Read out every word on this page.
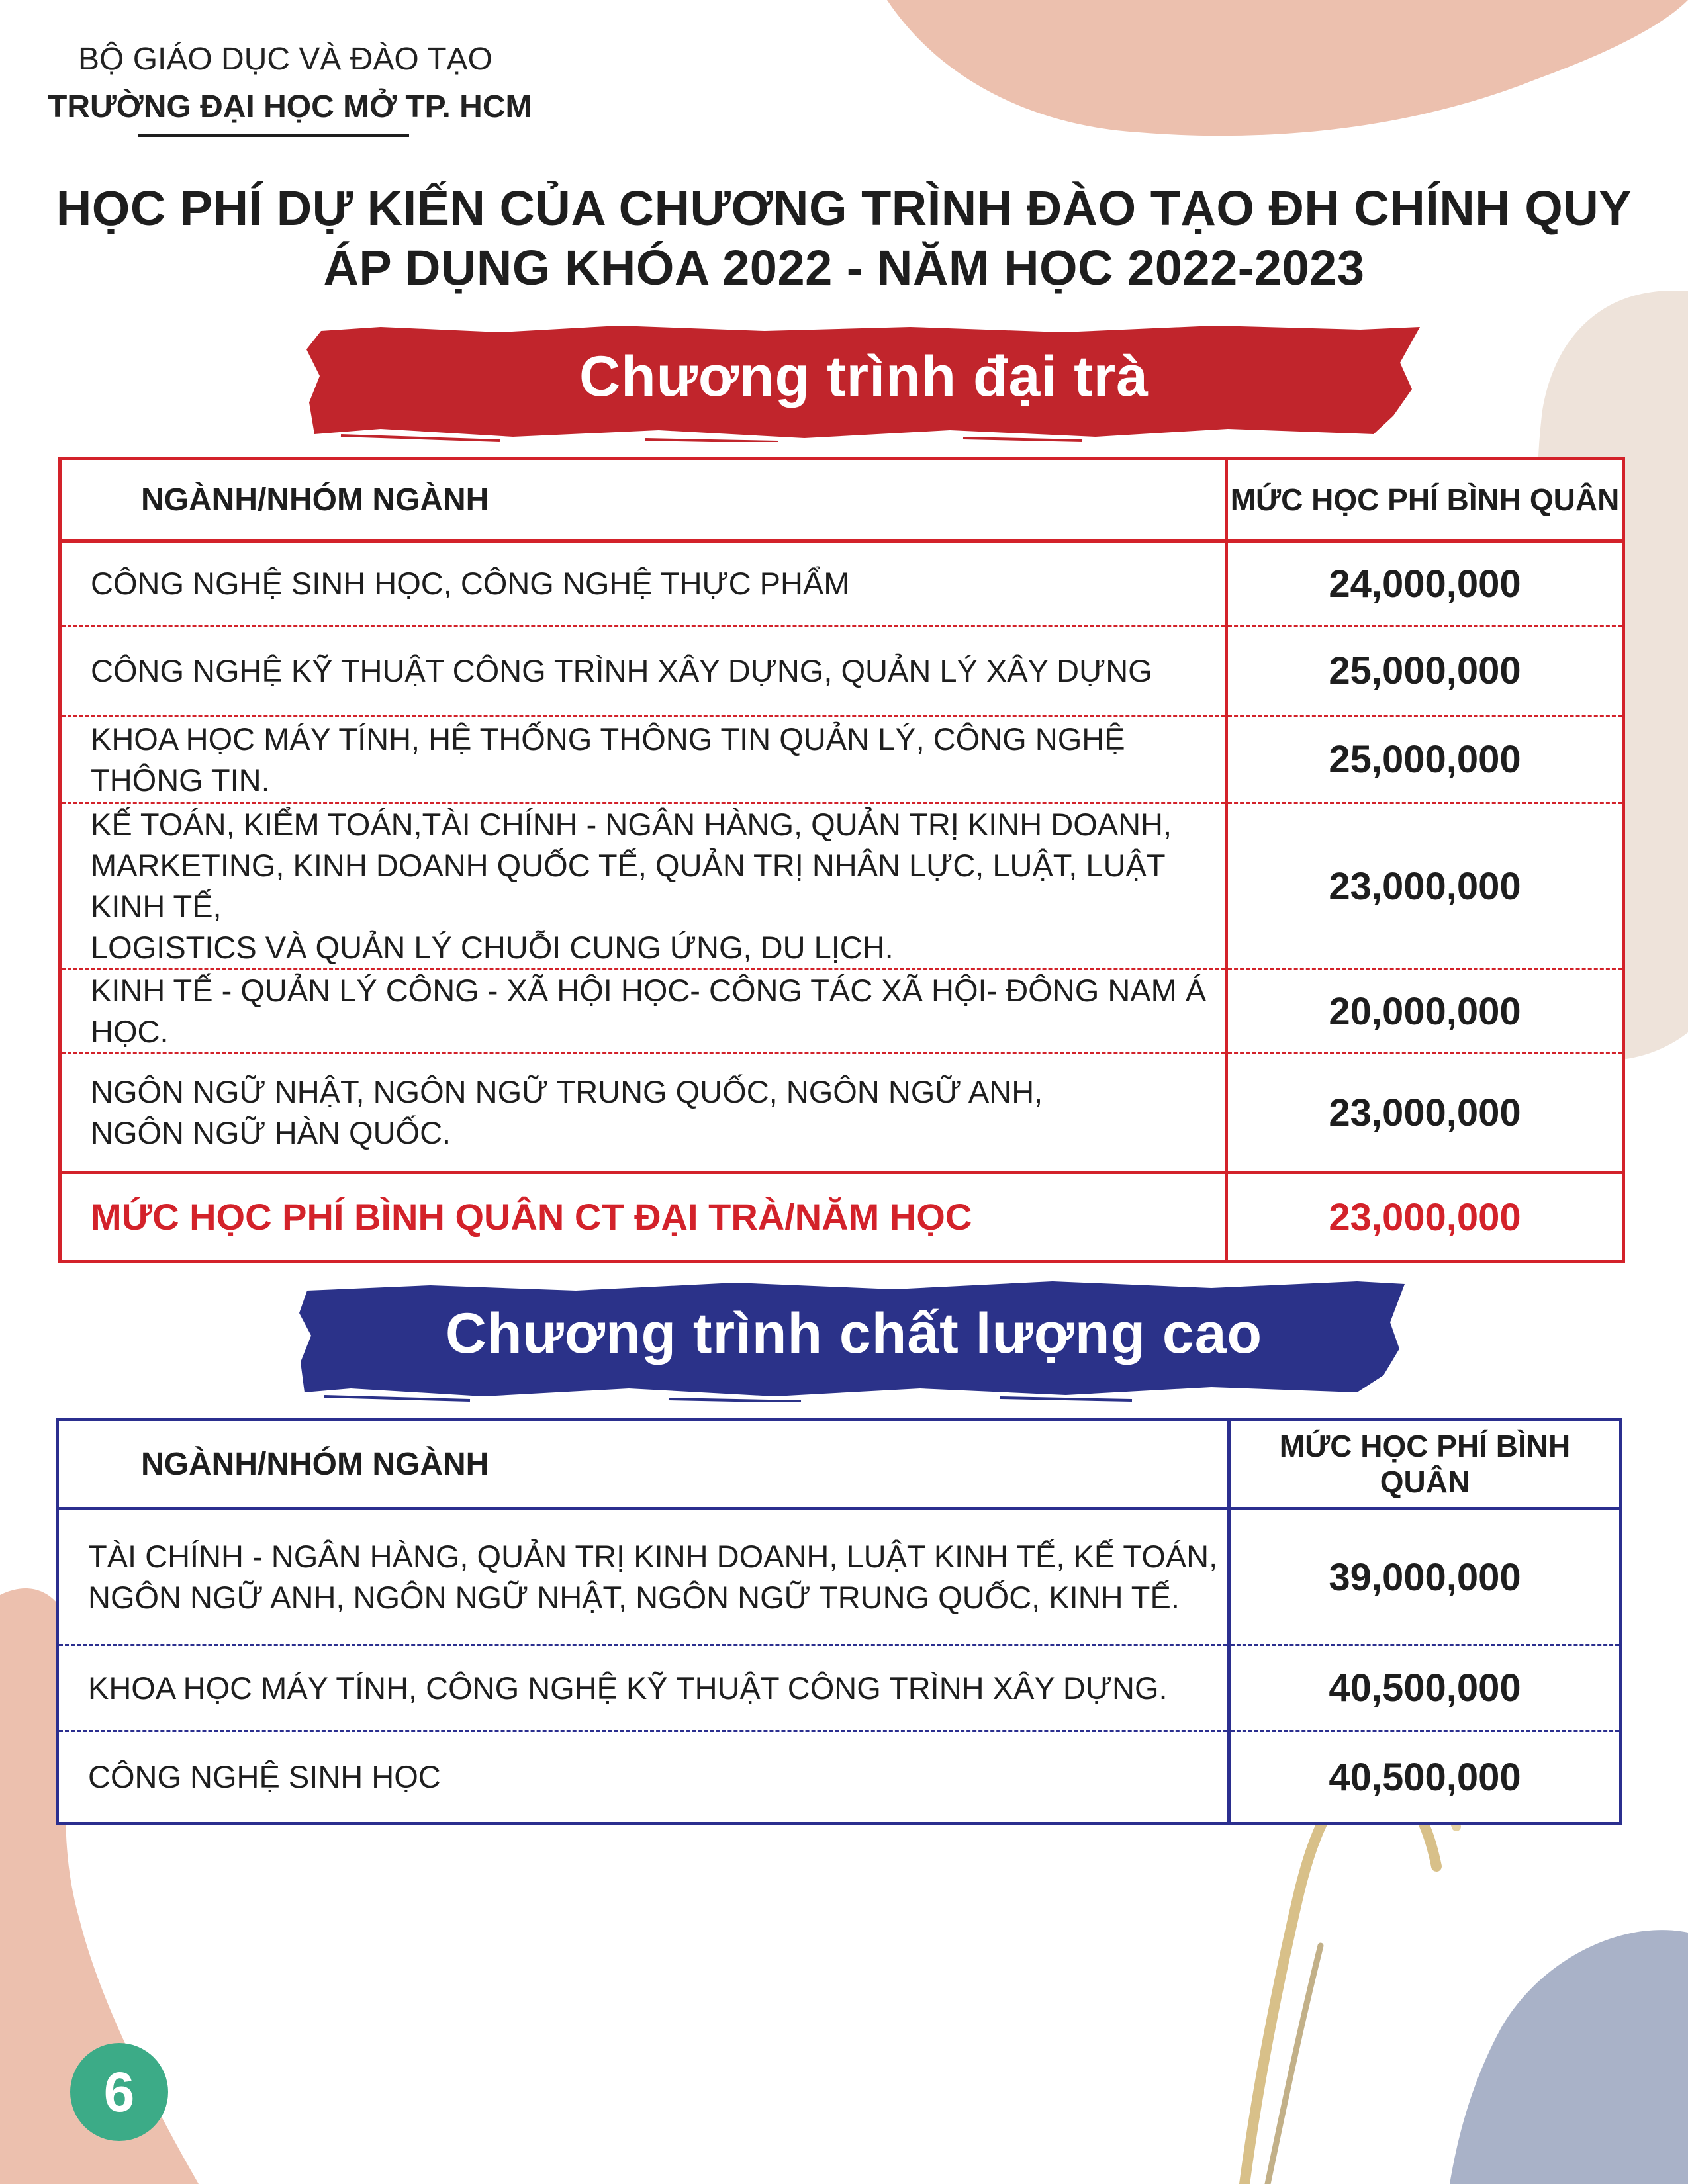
BỘ GIÁO DỤC VÀ ĐÀO TẠO
TRƯỜNG ĐẠI HỌC MỞ TP. HCM
HỌC PHÍ DỰ KIẾN CỦA CHƯƠNG TRÌNH ĐÀO TẠO ĐH CHÍNH QUY
ÁP DỤNG KHÓA 2022 - NĂM HỌC 2022-2023
Chương trình đại trà
NGÀNH/NHÓM NGÀNH	MỨC HỌC PHÍ BÌNH QUÂN
CÔNG NGHỆ SINH HỌC, CÔNG NGHỆ THỰC PHẨM	24,000,000
CÔNG NGHỆ KỸ THUẬT CÔNG TRÌNH XÂY DỰNG, QUẢN LÝ XÂY DỰNG	25,000,000
KHOA HỌC MÁY TÍNH, HỆ THỐNG THÔNG TIN QUẢN LÝ, CÔNG NGHỆ THÔNG TIN.	25,000,000

KẾ TOÁN, KIỂM TOÁN,TÀI CHÍNH - NGÂN HÀNG, QUẢN TRỊ KINH DOANH,
MARKETING, KINH DOANH QUỐC TẾ, QUẢN TRỊ NHÂN LỰC, LUẬT, LUẬT KINH TẾ,
LOGISTICS VÀ QUẢN LÝ CHUỖI CUNG ỨNG, DU LỊCH.	23,000,000
KINH TẾ - QUẢN LÝ CÔNG - XÃ HỘI HỌC- CÔNG TÁC XÃ HỘI- ĐÔNG NAM Á HỌC.	20,000,000

NGÔN NGỮ NHẬT, NGÔN NGỮ TRUNG QUỐC, NGÔN NGỮ ANH,
NGÔN NGỮ HÀN QUỐC.	23,000,000
MỨC HỌC PHÍ BÌNH QUÂN CT ĐẠI TRÀ/NĂM HỌC	23,000,000
Chương trình chất lượng cao
NGÀNH/NHÓM NGÀNH	MỨC HỌC PHÍ BÌNH QUÂN

TÀI CHÍNH - NGÂN HÀNG, QUẢN TRỊ KINH DOANH, LUẬT KINH TẾ, KẾ TOÁN,
NGÔN NGỮ ANH, NGÔN NGỮ NHẬT, NGÔN NGỮ TRUNG QUỐC, KINH TẾ.	39,000,000
KHOA HỌC MÁY TÍNH, CÔNG NGHỆ KỸ THUẬT CÔNG TRÌNH XÂY DỰNG.	40,500,000
CÔNG NGHỆ SINH HỌC	40,500,000
6
